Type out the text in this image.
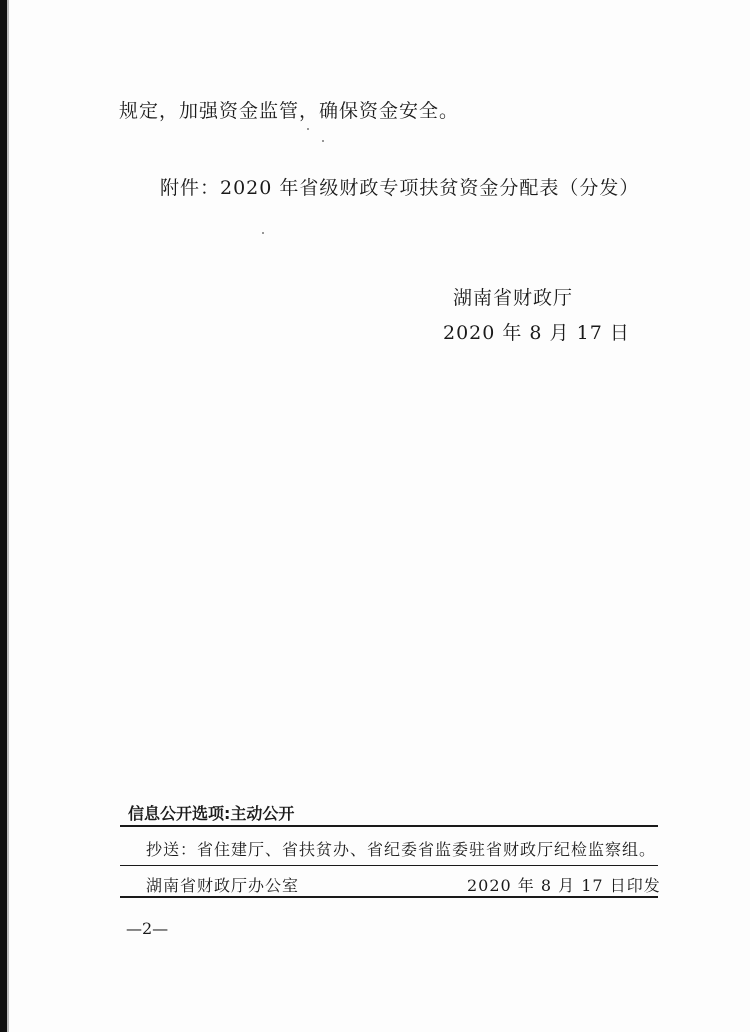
规定，加强资金监管，确保资金安全。
附件：2020 年省级财政专项扶贫资金分配表（分发）
湖南省财政厅
2020 年 8 月 17 日
信息公开选项:主动公开
抄送：省住建厅、省扶贫办、省纪委省监委驻省财政厅纪检监察组。
湖南省财政厅办公室	2020 年 8 月 17 日印发
—2—
